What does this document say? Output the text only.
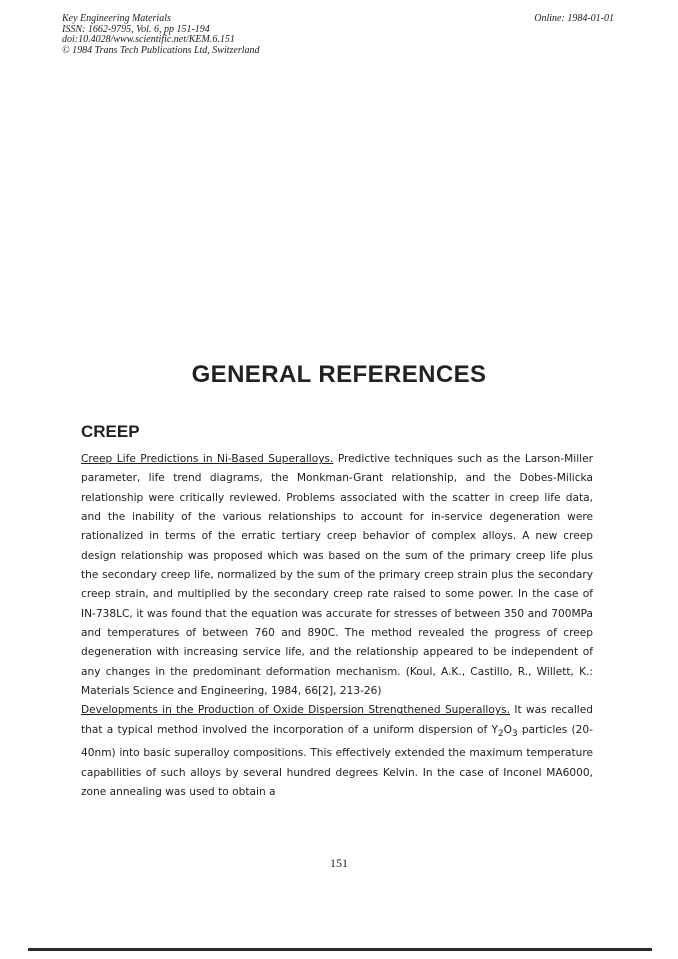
Key Engineering Materials
ISSN: 1662-9795, Vol. 6, pp 151-194
doi:10.4028/www.scientific.net/KEM.6.151
© 1984 Trans Tech Publications Ltd, Switzerland
Online: 1984-01-01
GENERAL REFERENCES
CREEP

Creep Life Predictions in Ni-Based Superalloys. Predictive techniques such as the Larson-Miller parameter, life trend diagrams, the Monkman-Grant relationship, and the Dobes-Milicka relationship were critically reviewed. Problems associated with the scatter in creep life data, and the inability of the various relationships to account for in-service degeneration were rationalized in terms of the erratic tertiary creep behavior of complex alloys. A new creep design relationship was proposed which was based on the sum of the primary creep life plus the secondary creep life, normalized by the sum of the primary creep strain plus the secondary creep strain, and multiplied by the secondary creep rate raised to some power. In the case of IN-738LC, it was found that the equation was accurate for stresses of between 350 and 700MPa and temperatures of between 760 and 890C. The method revealed the progress of creep degeneration with increasing service life, and the relationship appeared to be independent of any changes in the predominant deformation mechanism. (Koul, A.K., Castillo, R., Willett, K.: Materials Science and Engineering, 1984, 66[2], 213-26)

Developments in the Production of Oxide Dispersion Strengthened Superalloys. It was recalled that a typical method involved the incorporation of a uniform dispersion of $Y_2O_3$ particles (20-40nm) into basic superalloy compositions. This effectively extended the maximum temperature capabilities of such alloys by several hundred degrees Kelvin. In the case of Inconel MA6000, zone annealing was used to obtain a

151
